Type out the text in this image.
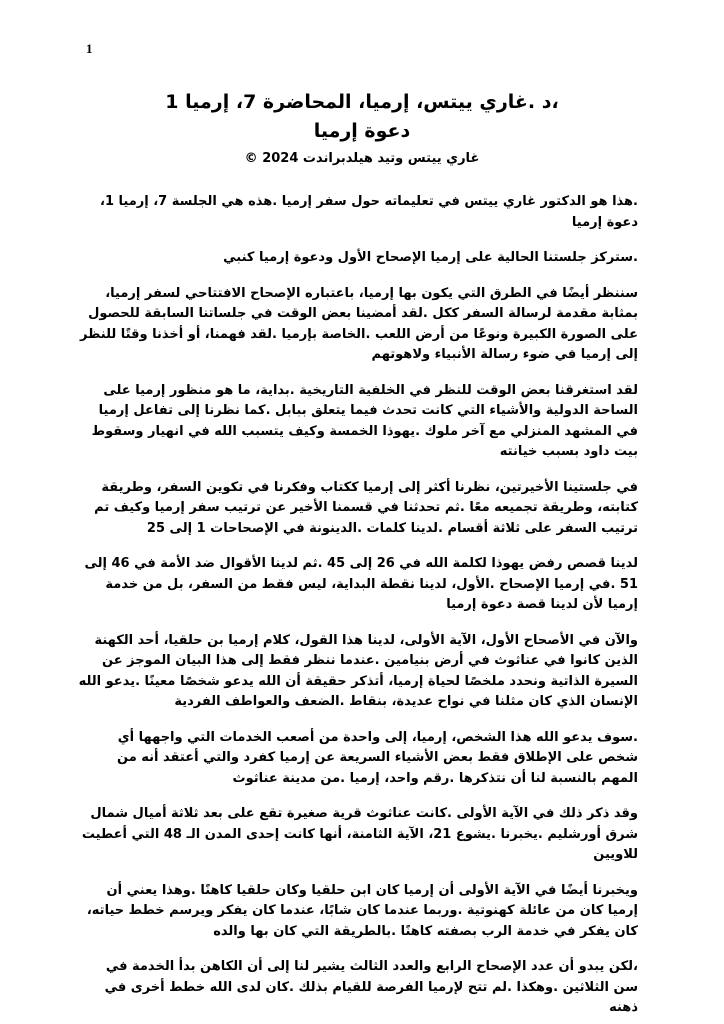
1
،د .غاري ييتس، إرميا، المحاضرة 7، إرميا 1
دعوة إرميا
غاري ييتس وتيد هيلدبراندت 2024 ©

.هذا هو الدكتور غاري ييتس في تعليماته حول سفر إرميا .هذه هي الجلسة 7، إرميا 1، دعوة إرميا

.ستركز جلستنا الحالية على إرميا الإصحاح الأول ودعوة إرميا كنبي

سننظر أيضًا في الطرق التي يكون بها إرميا، باعتباره الإصحاح الافتتاحي لسفر إرميا، بمثابة مقدمة لرسالة السفر ككل .لقد أمضينا بعض الوقت في جلساتنا السابقة للحصول على الصورة الكبيرة ونوعًا من أرض اللعب .الخاصة بإرميا .لقد فهمنا، أو أخذنا وقتًا للنظر إلى إرميا في ضوء رسالة الأنبياء ولاهوتهم

لقد استغرقنا بعض الوقت للنظر في الخلفية التاريخية .بداية، ما هو منظور إرميا على الساحة الدولية والأشياء التي كانت تحدث فيما يتعلق ببابل .كما نظرنا إلى تفاعل إرميا في المشهد المنزلي مع آخر ملوك .يهوذا الخمسة وكيف يتسبب الله في انهيار وسقوط بيت داود بسبب خيانته

في جلستينا الأخيرتين، نظرنا أكثر إلى إرميا ككتاب وفكرنا في تكوين السفر، وطريقة كتابته، وطريقة تجميعه معًا .ثم تحدثنا في قسمنا الأخير عن ترتيب سفر إرميا وكيف تم ترتيب السفر على ثلاثة أقسام .لدينا كلمات .الدينونة في الإصحاحات 1 إلى 25

لدينا قصص رفض يهوذا لكلمة الله في 26 إلى 45 .ثم لدينا الأقوال ضد الأمة في 46 إلى 51 .في إرميا الإصحاح .الأول، لدينا نقطة البداية، ليس فقط من السفر، بل من خدمة إرميا لأن لدينا قصة دعوة إرميا

والآن في الأصحاح الأول، الآية الأولى، لدينا هذا القول، كلام إرميا بن حلقيا، أحد الكهنة الذين كانوا في عناثوث في أرض بنيامين .عندما ننظر فقط إلى هذا البيان الموجز عن السيرة الذاتية ونحدد ملخصًا لحياة إرميا، أتذكر حقيقة أن الله يدعو شخصًا معينًا .يدعو الله الإنسان الذي كان مثلنا في نواح عديدة، بنقاط .الضعف والعواطف الفردية

.سوف يدعو الله هذا الشخص، إرميا، إلى واحدة من أصعب الخدمات التي واجهها أي شخص على الإطلاق فقط بعض الأشياء السريعة عن إرميا كفرد والتي أعتقد أنه من المهم بالنسبة لنا أن نتذكرها .رقم واحد، إرميا .من مدينة عناثوث

وقد ذكر ذلك في الآية الأولى .كانت عناثوث قرية صغيرة تقع على بعد ثلاثة أميال شمال شرق أورشليم .يخبرنا .يشوع 21، الآية الثامنة، أنها كانت إحدى المدن الـ 48 التي أعطيت للاويين

ويخبرنا أيضًا في الآية الأولى أن إرميا كان ابن حلقيا وكان حلقيا كاهنًا .وهذا يعني أن إرميا كان من عائلة كهنوتية .وربما عندما كان شابًا، عندما كان يفكر ويرسم خطط حياته، كان يفكر في خدمة الرب بصفته كاهنًا .بالطريقة التي كان بها والده

،لكن يبدو أن عدد الإصحاح الرابع والعدد الثالث يشير لنا إلى أن الكاهن بدأ الخدمة في سن الثلاثين .وهكذا .لم تتح لإرميا الفرصة للقيام بذلك .كان لدى الله خطط أخرى في ذهنه
